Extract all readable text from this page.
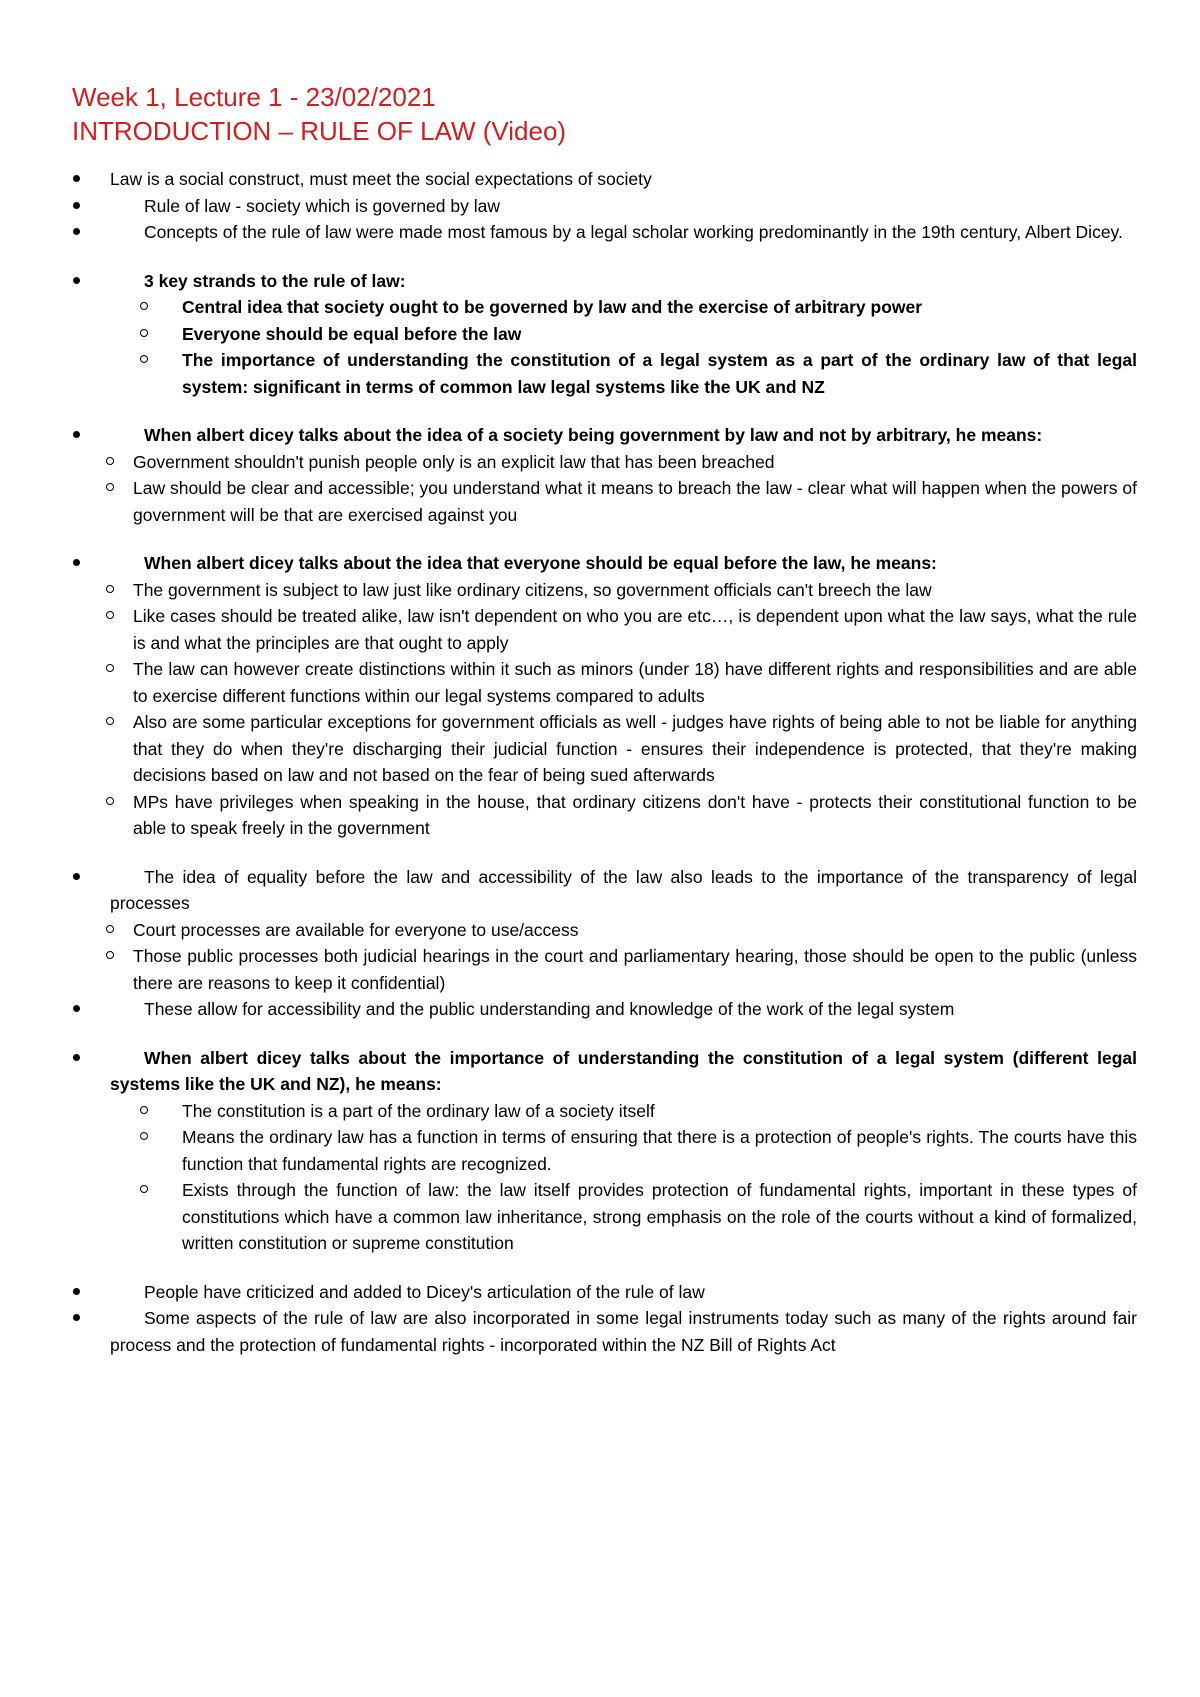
Week 1, Lecture 1 - 23/02/2021
INTRODUCTION – RULE OF LAW (Video)
Law is a social construct, must meet the social expectations of society
Rule of law - society which is governed by law
Concepts of the rule of law were made most famous by a legal scholar working predominantly in the 19th century, Albert Dicey.
3 key strands to the rule of law:
Central idea that society ought to be governed by law and the exercise of arbitrary power
Everyone should be equal before the law
The importance of understanding the constitution of a legal system as a part of the ordinary law of that legal system: significant in terms of common law legal systems like the UK and NZ
When albert dicey talks about the idea of a society being government by law and not by arbitrary, he means:
Government shouldn't punish people only is an explicit law that has been breached
Law should be clear and accessible; you understand what it means to breach the law - clear what will happen when the powers of government will be that are exercised against you
When albert dicey talks about the idea that everyone should be equal before the law, he means:
The government is subject to law just like ordinary citizens, so government officials can't breech the law
Like cases should be treated alike, law isn't dependent on who you are etc…, is dependent upon what the law says, what the rule is and what the principles are that ought to apply
The law can however create distinctions within it such as minors (under 18) have different rights and responsibilities and are able to exercise different functions within our legal systems compared to adults
Also are some particular exceptions for government officials as well - judges have rights of being able to not be liable for anything that they do when they're discharging their judicial function - ensures their independence is protected, that they're making decisions based on law and not based on the fear of being sued afterwards
MPs have privileges when speaking in the house, that ordinary citizens don't have - protects their constitutional function to be able to speak freely in the government
The idea of equality before the law and accessibility of the law also leads to the importance of the transparency of legal processes
Court processes are available for everyone to use/access
Those public processes both judicial hearings in the court and parliamentary hearing, those should be open to the public (unless there are reasons to keep it confidential)
These allow for accessibility and the public understanding and knowledge of the work of the legal system
When albert dicey talks about the importance of understanding the constitution of a legal system (different legal systems like the UK and NZ), he means:
The constitution is a part of the ordinary law of a society itself
Means the ordinary law has a function in terms of ensuring that there is a protection of people's rights. The courts have this function that fundamental rights are recognized.
Exists through the function of law: the law itself provides protection of fundamental rights, important in these types of constitutions which have a common law inheritance, strong emphasis on the role of the courts without a kind of formalized, written constitution or supreme constitution
People have criticized and added to Dicey's articulation of the rule of law
Some aspects of the rule of law are also incorporated in some legal instruments today such as many of the rights around fair process and the protection of fundamental rights - incorporated within the NZ Bill of Rights Act
